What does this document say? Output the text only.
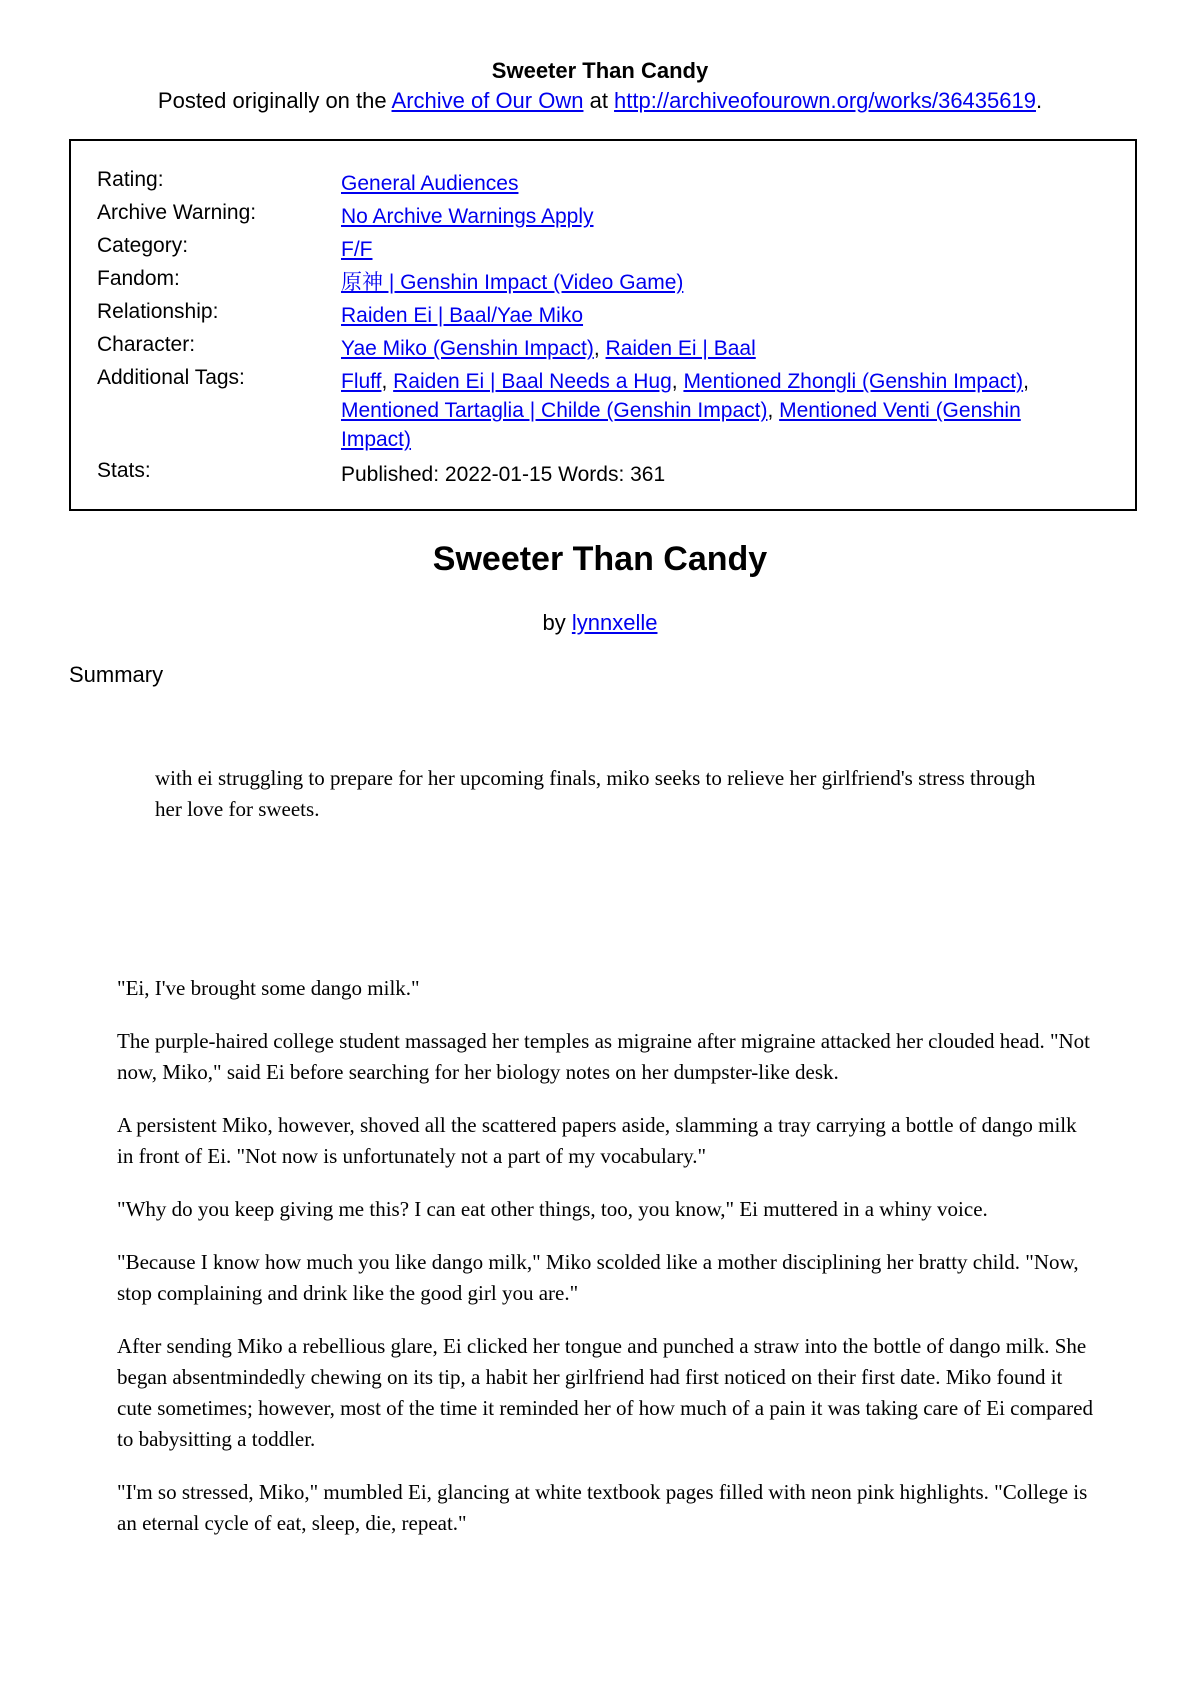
Sweeter Than Candy
Posted originally on the Archive of Our Own at http://archiveofourown.org/works/36435619.
Rating:	General Audiences
Archive Warning:	No Archive Warnings Apply
Category:	F/F
Fandom:	原神 | Genshin Impact (Video Game)
Relationship:	Raiden Ei | Baal/Yae Miko
Character:	Yae Miko (Genshin Impact), Raiden Ei | Baal
Additional Tags:	Fluff, Raiden Ei | Baal Needs a Hug, Mentioned Zhongli (Genshin Impact), Mentioned Tartaglia | Childe (Genshin Impact), Mentioned Venti (Genshin Impact)
Stats:	Published: 2022-01-15 Words: 361
Sweeter Than Candy
by lynnxelle
Summary
with ei struggling to prepare for her upcoming finals, miko seeks to relieve her girlfriend's stress through her love for sweets.

"Ei, I've brought some dango milk."

The purple-haired college student massaged her temples as migraine after migraine attacked her clouded head. "Not now, Miko," said Ei before searching for her biology notes on her dumpster-like desk.

A persistent Miko, however, shoved all the scattered papers aside, slamming a tray carrying a bottle of dango milk in front of Ei. "Not now is unfortunately not a part of my vocabulary."

"Why do you keep giving me this? I can eat other things, too, you know," Ei muttered in a whiny voice.

"Because I know how much you like dango milk," Miko scolded like a mother disciplining her bratty child. "Now, stop complaining and drink like the good girl you are."

After sending Miko a rebellious glare, Ei clicked her tongue and punched a straw into the bottle of dango milk. She began absentmindedly chewing on its tip, a habit her girlfriend had first noticed on their first date. Miko found it cute sometimes; however, most of the time it reminded her of how much of a pain it was taking care of Ei compared to babysitting a toddler.

"I'm so stressed, Miko," mumbled Ei, glancing at white textbook pages filled with neon pink highlights. "College is an eternal cycle of eat, sleep, die, repeat."
